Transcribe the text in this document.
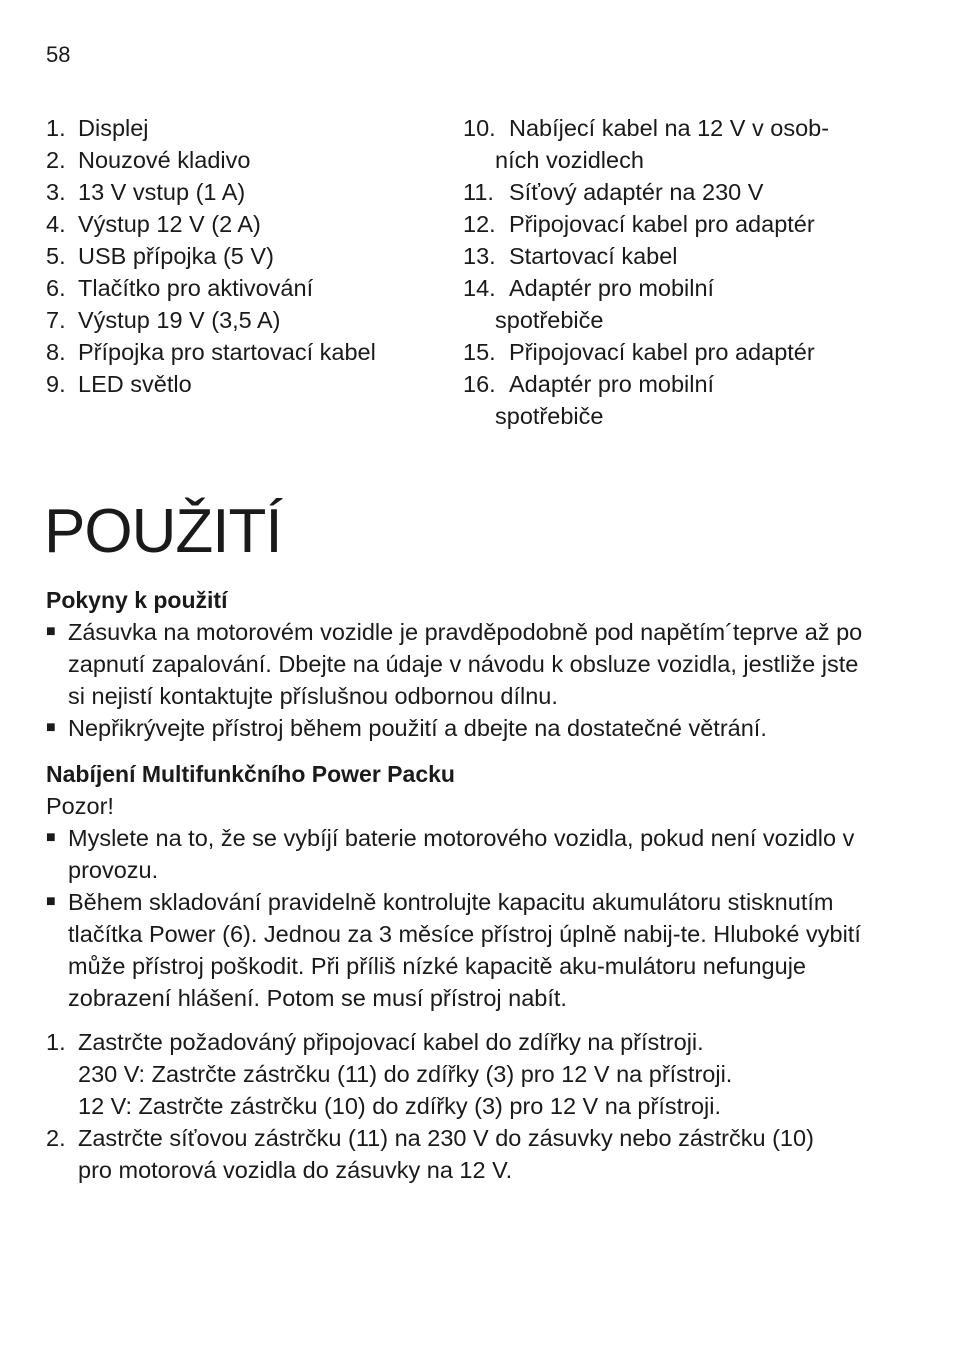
58
1. Displej
2. Nouzové kladivo
3. 13 V vstup (1 A)
4. Výstup 12 V (2 A)
5. USB přípojka (5 V)
6. Tlačítko pro aktivování
7. Výstup 19 V (3,5 A)
8. Přípojka pro startovací kabel
9. LED světlo
10. Nabíjecí kabel na 12 V v osob-
ních vozidlech
11. Síťový adaptér na 230 V
12. Připojovací kabel pro adaptér
13. Startovací kabel
14. Adaptér pro mobilní
spotřebiče
15. Připojovací kabel pro adaptér
16. Adaptér pro mobilní
spotřebiče
POUŽITÍ

Pokyny k použití

■ Zásuvka na motorovém vozidle je pravděpodobně pod napětím´teprve až po zapnutí zapalování. Dbejte na údaje v návodu k obsluze vozidla, jestliže jste si nejistí kontaktujte příslušnou odbornou dílnu.
■ Nepřikrývejte přístroj během použití a dbejte na dostatečné větrání.

Nabíjení Multifunkčního Power Packu

Pozor!

■ Myslete na to, že se vybíjí baterie motorového vozidla, pokud není vozidlo v provozu.
■ Během skladování pravidelně kontrolujte kapacitu akumulátoru stisknutím tlačítka Power (6). Jednou za 3 měsíce přístroj úplně nabij-te. Hluboké vybití může přístroj poškodit. Při příliš nízké kapacitě aku-mulátoru nefunguje zobrazení hlášení. Potom se musí přístroj nabít.
1. Zastrčte požadováný připojovací kabel do zdířky na přístroji.
230 V: Zastrčte zástrčku (11) do zdířky (3) pro 12 V na přístroji.
12 V: Zastrčte zástrčku (10) do zdířky (3) pro 12 V na přístroji.
2. Zastrčte síťovou zástrčku (11) na 230 V do zásuvky nebo zástrčku (10)
pro motorová vozidla do zásuvky na 12 V.
